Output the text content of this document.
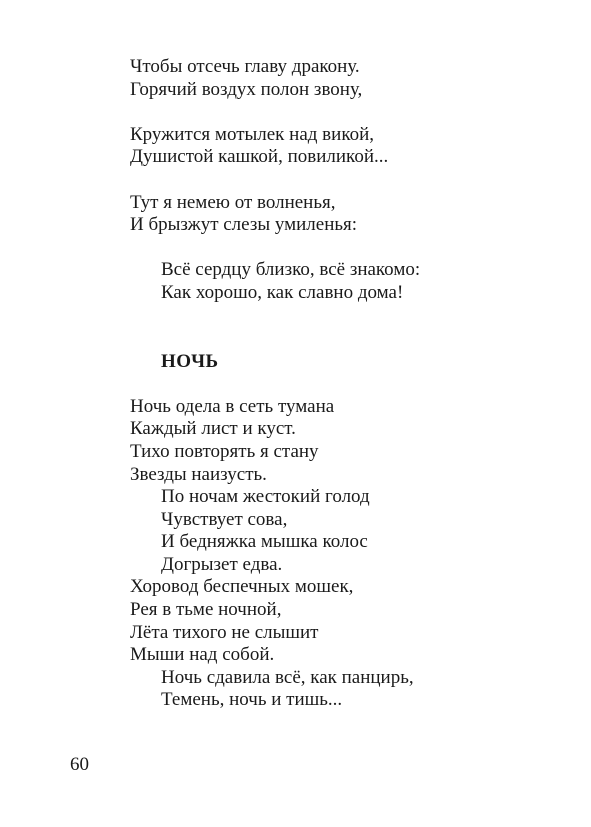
Чтобы отсечь главу дракону.
Горячий воздух полон звону,
Кружится мотылек над викой,
Душистой кашкой, повиликой...
Тут я немею от волненья,
И брызжут слезы умиленья:
Всё сердцу близко, всё знакомо:
Как хорошо, как славно дома!
НОЧЬ
Ночь одела в сеть тумана
Каждый лист и куст.
Тихо повторять я стану
Звезды наизусть.
По ночам жестокий голод
Чувствует сова,
И бедняжка мышка колос
Догрызет едва.
Хоровод беспечных мошек,
Рея в тьме ночной,
Лёта тихого не слышит
Мыши над собой.
Ночь сдавила всё, как панцирь,
Темень, ночь и тишь...
60
